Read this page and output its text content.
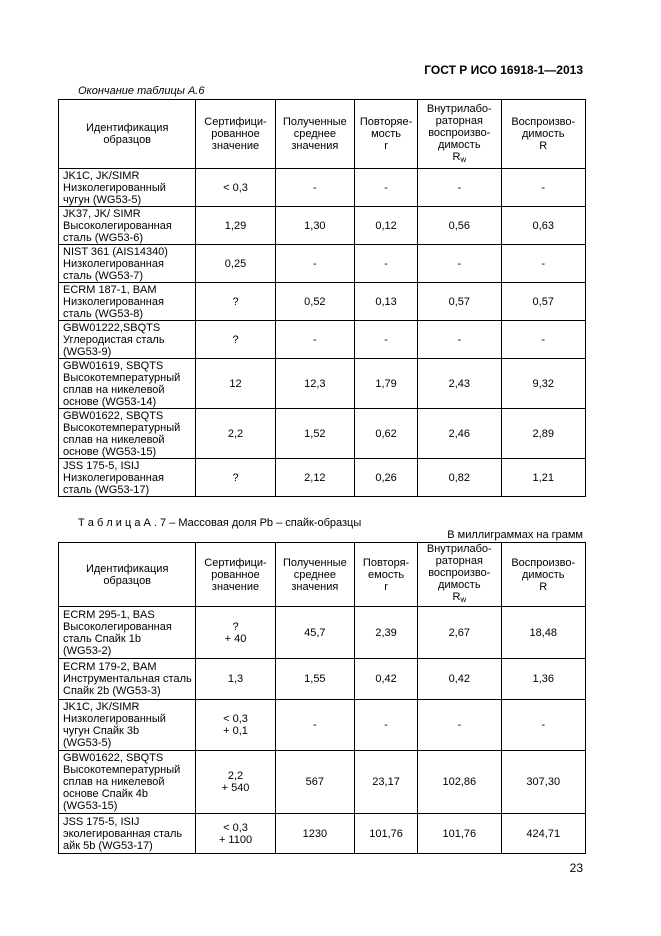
ГОСТ Р ИСО 16918-1—2013
Окончание таблицы А.6
Идентификация
образцов	Сертифици-
рованное
значение	Полученные
среднее
значения	Повторяе-
мость
r	Внутрилабо-
раторная
воспроизво-
димость
$R_w$	Воспроизво-
димость
R

JK1C, JK/SIMR
Низколегированный
чугун (WG53-5)	< 0,3	-	-	-	-

JK37, JK/ SIMR
Высоколегированная
сталь (WG53-6)	1,29	1,30	0,12	0,56	0,63

NIST 361 (AIS14340)
Низколегированная
сталь (WG53-7)	0,25	-	-	-	-

ECRM 187-1, BAM
Низколегированная
сталь (WG53-8)	?	0,52	0,13	0,57	0,57

GBW01222,SBQTS
Углеродистая сталь
(WG53-9)	?	-	-	-	-

GBW01619, SBQTS
Высокотемпературный
сплав на никелевой
основе (WG53-14)	12	12,3	1,79	2,43	9,32

GBW01622, SBQTS
Высокотемпературный
сплав на никелевой
основе (WG53-15)	2,2	1,52	0,62	2,46	2,89

JSS 175-5, ISIJ
Низколегированная
сталь (WG53-17)	?	2,12	0,26	0,82	1,21
Т а б л и ц а А . 7 – Массовая доля Pb – спайк-образцы
В миллиграммах на грамм
Идентификация
образцов	Сертифици-
рованное
значение	Полученные
среднее
значения	Повторя-
емость
r	Внутрилабо-
раторная
воспроизво-
димость
$R_w$	Воспроизво-
димость
R

ECRM 295-1, BAS
Высоколегированная
сталь Спайк 1b
(WG53-2)	?
+ 40	45,7	2,39	2,67	18,48

ECRM 179-2, BAM
Инструментальная сталь
Спайк 2b (WG53-3)	1,3	1,55	0,42	0,42	1,36

JK1C, JK/SIMR
Низколегированный
чугун Спайк 3b
(WG53-5)	< 0,3
+ 0,1	-	-	-	-

GBW01622, SBQTS
Высокотемпературный
сплав на никелевой
основе Спайк 4b
(WG53-15)	2,2
+ 540	567	23,17	102,86	307,30

JSS 175-5, ISIJ
эколегированная сталь
айк 5b (WG53-17)	< 0,3
+ 1100	1230	101,76	101,76	424,71
23
